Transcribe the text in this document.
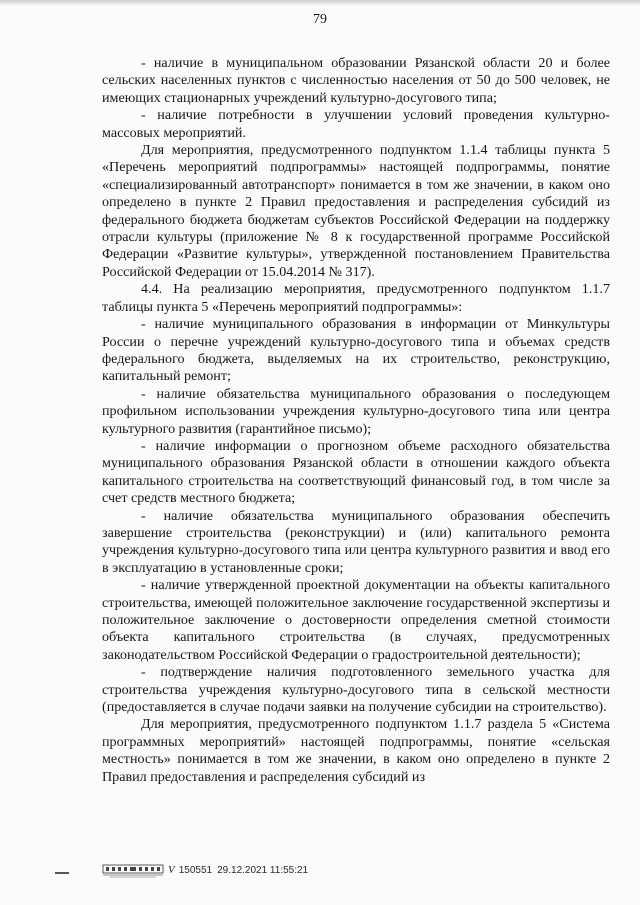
79

- наличие в муниципальном образовании Рязанской области 20 и более сельских населенных пунктов с численностью населения от 50 до 500 человек, не имеющих стационарных учреждений культурно-досугового типа;

- наличие потребности в улучшении условий проведения культурно-массовых мероприятий.

Для мероприятия, предусмотренного подпунктом 1.1.4 таблицы пункта 5 «Перечень мероприятий подпрограммы» настоящей подпрограммы, понятие «специализированный автотранспорт» понимается в том же значении, в каком оно определено в пункте 2 Правил предоставления и распределения субсидий из федерального бюджета бюджетам субъектов Российской Федерации на поддержку отрасли культуры (приложение № 8 к государственной программе Российской Федерации «Развитие культуры», утвержденной постановлением Правительства Российской Федерации от 15.04.2014 № 317).

4.4. На реализацию мероприятия, предусмотренного подпунктом 1.1.7 таблицы пункта 5 «Перечень мероприятий подпрограммы»:

- наличие муниципального образования в информации от Минкультуры России о перечне учреждений культурно-досугового типа и объемах средств федерального бюджета, выделяемых на их строительство, реконструкцию, капитальный ремонт;

- наличие обязательства муниципального образования о последующем профильном использовании учреждения культурно-досугового типа или центра культурного развития (гарантийное письмо);

- наличие информации о прогнозном объеме расходного обязательства муниципального образования Рязанской области в отношении каждого объекта капитального строительства на соответствующий финансовый год, в том числе за счет средств местного бюджета;

- наличие обязательства муниципального образования обеспечить завершение строительства (реконструкции) и (или) капитального ремонта учреждения культурно-досугового типа или центра культурного развития и ввод его в эксплуатацию в установленные сроки;

- наличие утвержденной проектной документации на объекты капитального строительства, имеющей положительное заключение государственной экспертизы и положительное заключение о достоверности определения сметной стоимости объекта капитального строительства (в случаях, предусмотренных законодательством Российской Федерации о градостроительной деятельности);

- подтверждение наличия подготовленного земельного участка для строительства учреждения культурно-досугового типа в сельской местности (предоставляется в случае подачи заявки на получение субсидии на строительство).

Для мероприятия, предусмотренного подпунктом 1.1.7 раздела 5 «Система программных мероприятий» настоящей подпрограммы, понятие «сельская местность» понимается в том же значении, в каком оно определено в пункте 2 Правил предоставления и распределения субсидий из

V 150551 29.12.2021 11:55:21
